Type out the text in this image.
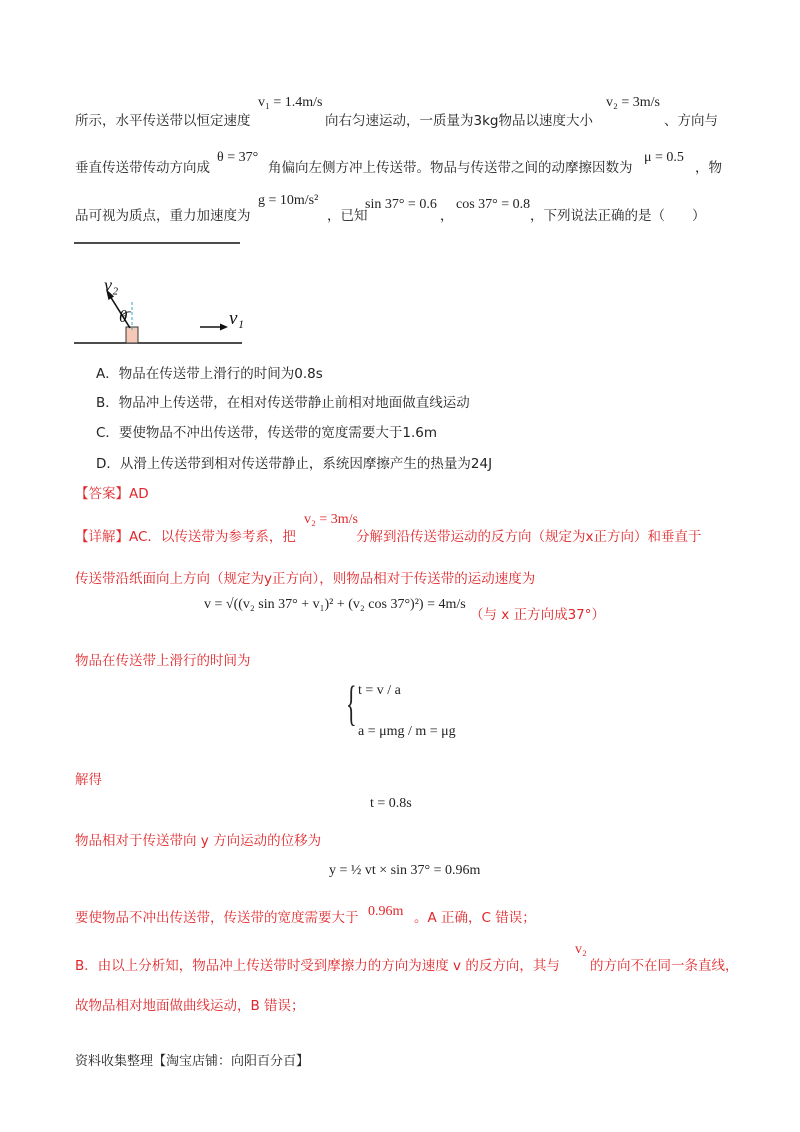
所示，水平传送带以恒定速度
v₁ = 1.4m/s
向右匀速运动，一质量为3kg物品以速度大小
v₂ = 3m/s
、方向与
垂直传送带传动方向成
θ = 37°
角偏向左侧方冲上传送带。物品与传送带之间的动摩擦因数为
μ = 0.5
，物
品可视为质点，重力加速度为
g = 10m/s²
，已知
sin 37° = 0.6
，
cos 37° = 0.8
，下列说法正确的是（　　）
v₂
θ	v₁
A．物品在传送带上滑行的时间为0.8s
B．物品冲上传送带，在相对传送带静止前相对地面做直线运动
C．要使物品不冲出传送带，传送带的宽度需要大于1.6m
D．从滑上传送带到相对传送带静止，系统因摩擦产生的热量为24J
【答案】AD
【详解】AC．以传送带为参考系，把
v₂ = 3m/s
分解到沿传送带运动的反方向（规定为x正方向）和垂直于
传送带沿纸面向上方向（规定为y正方向），则物品相对于传送带的运动速度为
v = √((v₂ sin 37° + v₁)² + (v₂ cos 37°)²) = 4m/s
（与 x 正方向成37°）
物品在传送带上滑行的时间为
{ t = v / a
a = μmg / m = μg
解得
t = 0.8s
物品相对于传送带向 y 方向运动的位移为
y = ½ vt × sin 37° = 0.96m
要使物品不冲出传送带，传送带的宽度需要大于 0.96m 。A 正确，C 错误；
B．由以上分析知，物品冲上传送带时受到摩擦力的方向为速度 v 的反方向，其与
v₂
的方向不在同一条直线，
故物品相对地面做曲线运动，B 错误；
资料收集整理【淘宝店铺：向阳百分百】
